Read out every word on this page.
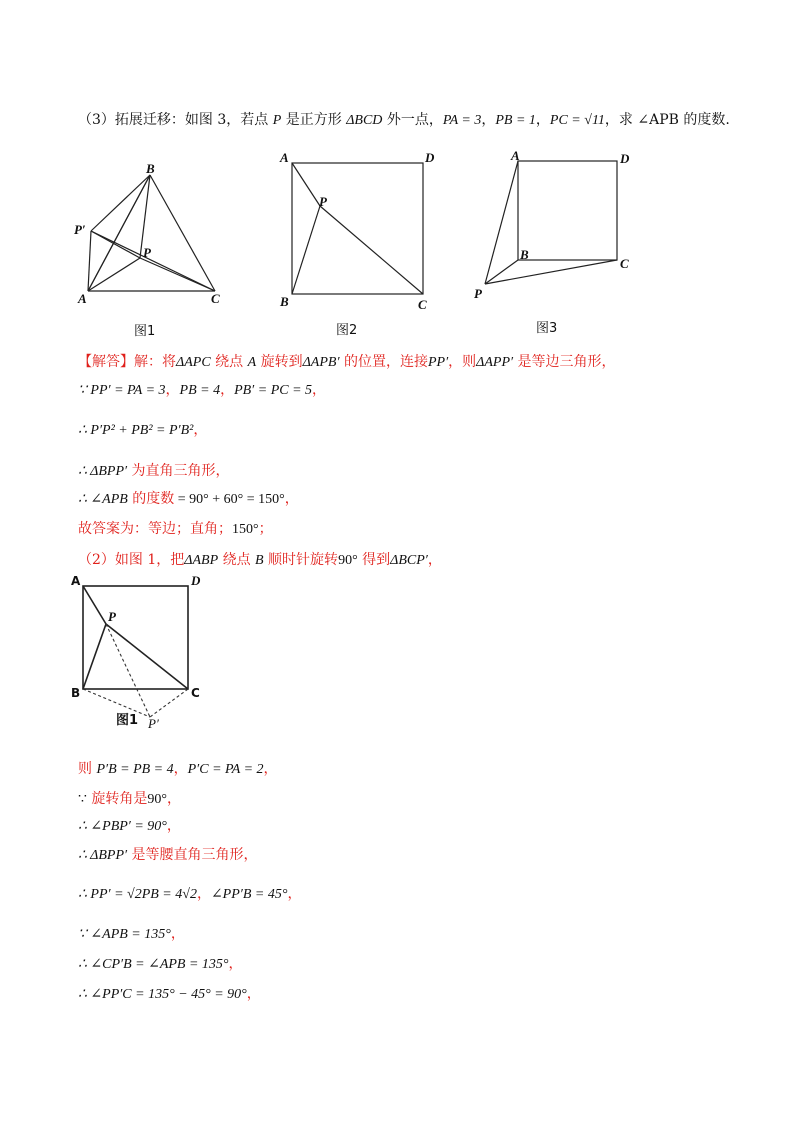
（3）拓展迁移：如图 3，若点 P 是正方形 ΔBCD 外一点，PA = 3，PB = 1，PC = √11，求 ∠APB 的度数.
B
P′
P
A	C
图1
A	D
P
B	C
图2
A	D
B
C
P
图3
【解答】解：将ΔAPC 绕点 A 旋转到ΔAPB′ 的位置，连接PP′，则ΔAPP′ 是等边三角形，
∵ PP′ = PA = 3，PB = 4，PB′ = PC = 5，
∴ P′P² + PB² = P′B²，
∴ ΔBPP′ 为直角三角形，
∴ ∠APB 的度数 = 90° + 60° = 150°，
故答案为：等边；直角；150°；
（2）如图 1，把ΔABP 绕点 B 顺时针旋转90° 得到ΔBCP′，
A	D
P
B	C
图1 P′
则 P′B = PB = 4，P′C = PA = 2，
∵ 旋转角是90°，
∴ ∠PBP′ = 90°，
∴ ΔBPP′ 是等腰直角三角形，
∴ PP′ = √2PB = 4√2，∠PP′B = 45°，
∵ ∠APB = 135°，
∴ ∠CP′B = ∠APB = 135°，
∴ ∠PP′C = 135° − 45° = 90°，
